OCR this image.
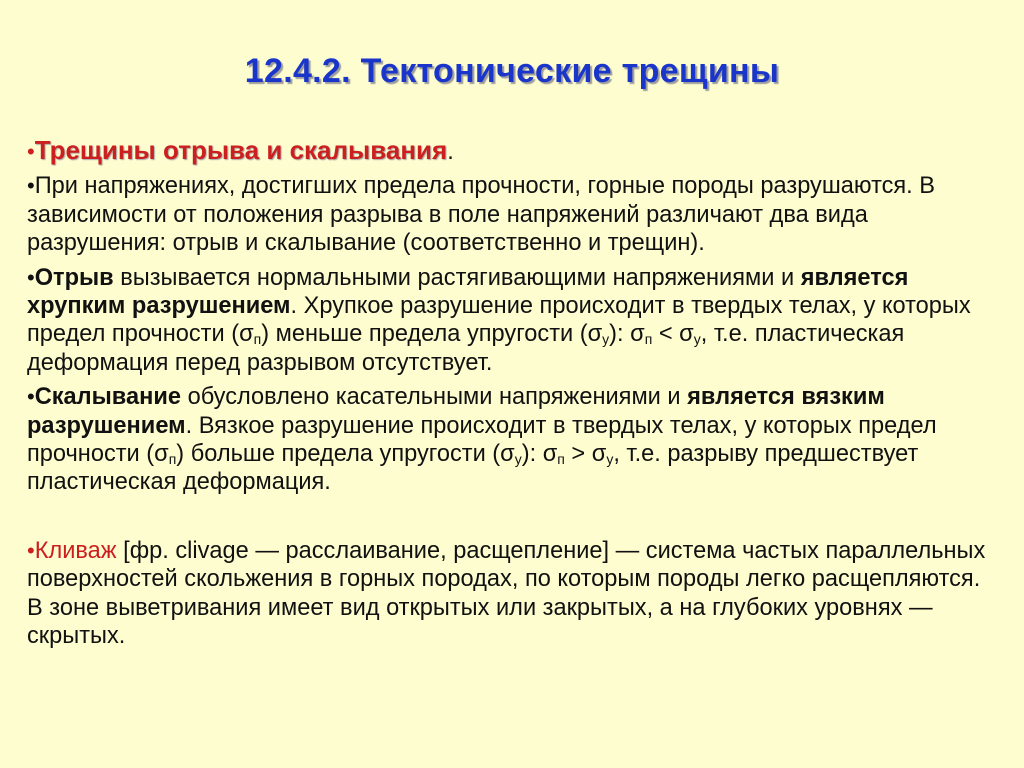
12.4.2. Тектонические трещины

•Трещины отрыва и скалывания.

•При напряжениях, достигших предела прочности, горные породы разрушаются. В зависимости от положения разрыва в поле напряжений различают два вида разрушения: отрыв и скалывание (соответственно и трещин).

•Отрыв вызывается нормальными растягивающими напряжениями и является хрупким разрушением. Хрупкое разрушение происходит в твердых телах, у которых предел прочности $(\sigma_п)$ меньше предела упругости $(\sigma_у)$: $\sigma_п < \sigma_у$, т.е. пластическая деформация перед разрывом отсутствует.

•Скалывание обусловлено касательными напряжениями и является вязким разрушением. Вязкое разрушение происходит в твердых телах, у которых предел прочности $(\sigma_п)$ больше предела упругости $(\sigma_у)$: $\sigma_п > \sigma_у$, т.е. разрыву предшествует пластическая деформация.

•Кливаж [фр. clivage — расслаивание, расщепление] — система частых параллельных поверхностей скольжения в горных породах, по которым породы легко расщепляются. В зоне выветривания имеет вид открытых или закрытых, а на глубоких уровнях — скрытых.
